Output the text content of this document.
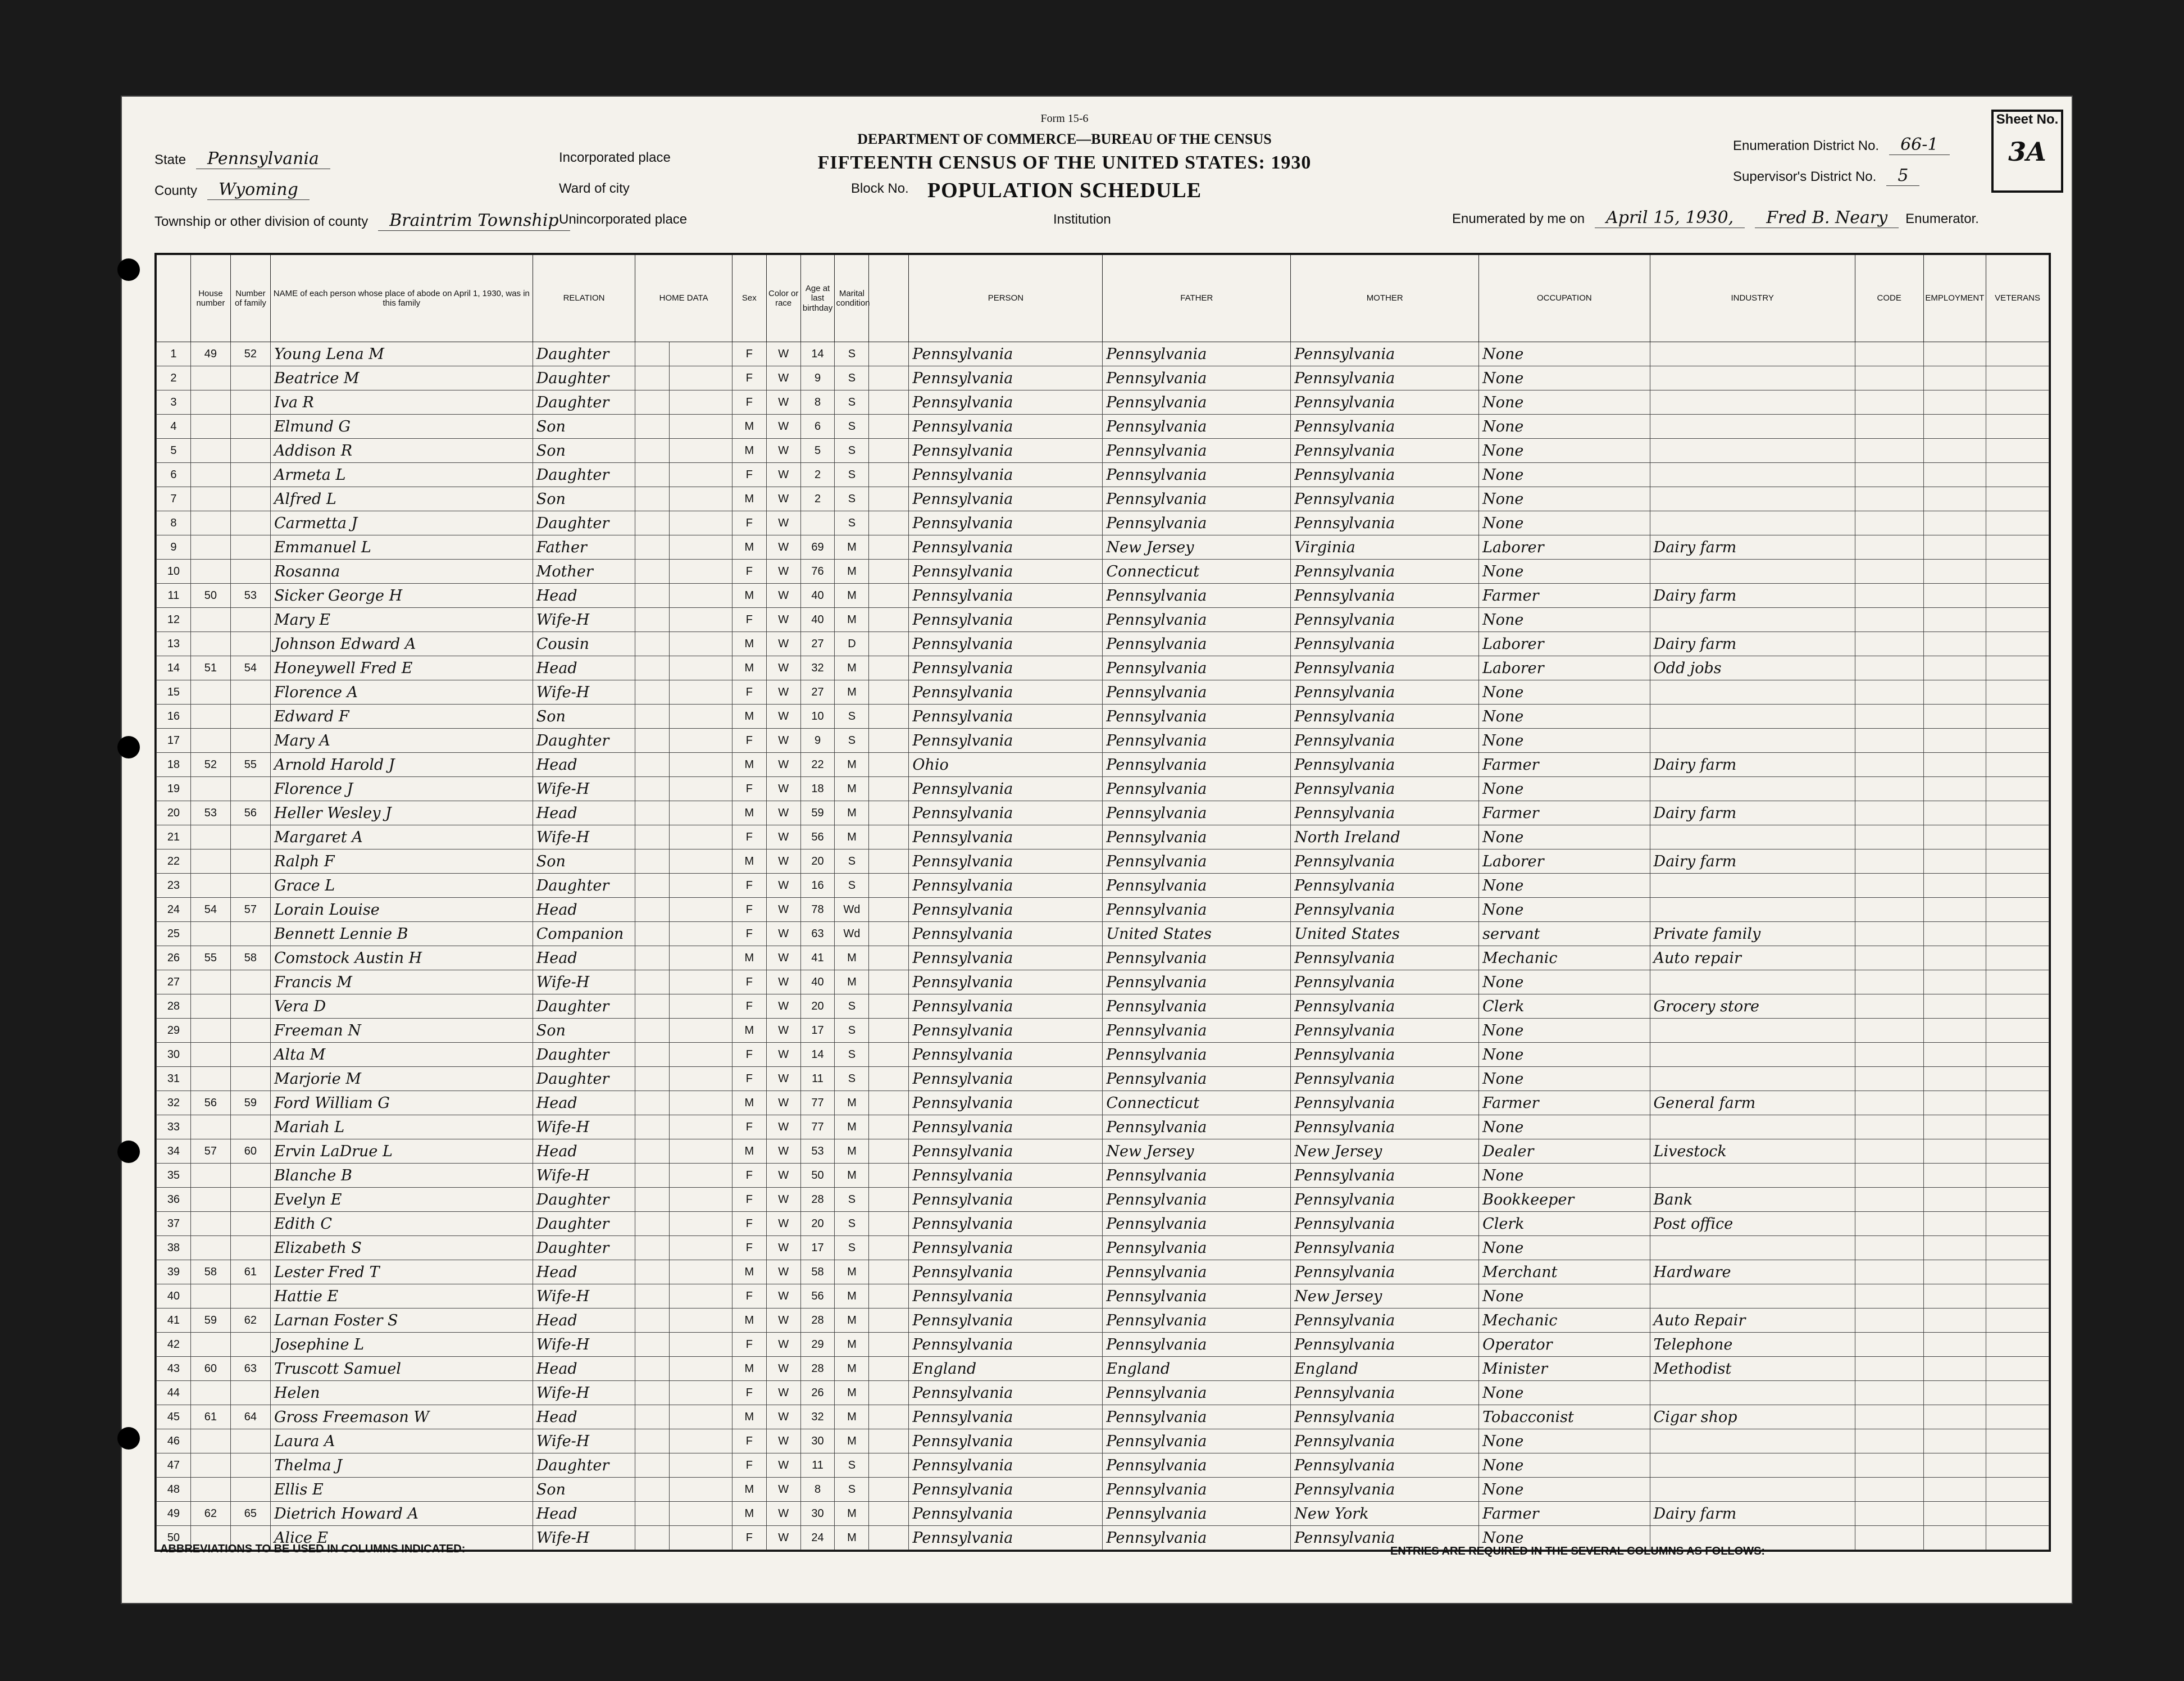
Form 15-6
DEPARTMENT OF COMMERCE—BUREAU OF THE CENSUS
FIFTEENTH CENSUS OF THE UNITED STATES: 1930
POPULATION SCHEDULE
State Pennsylvania
County Wyoming
Township or other division of county Braintrim Township
Incorporated place
Ward of city	Block No.
Unincorporated place	Institution
Enumeration District No. 66-1
Supervisor's District No. 5
Enumerated by me on April 15, 1930, Fred B. Neary Enumerator.
Sheet No.
3A
	House number	Number of family	NAME of each person whose place of abode on April 1, 1930, was in this family	RELATION	HOME DATA		Sex	Color or race	Age at last birthday	Marital condition		PERSON	FATHER	MOTHER	OCCUPATION	INDUSTRY	CODE	EMPLOYMENT	VETERANS
1	49	52	Young Lena M	Daughter			F	W	14	S		Pennsylvania	Pennsylvania	Pennsylvania	None				
2			Beatrice M	Daughter			F	W	9	S		Pennsylvania	Pennsylvania	Pennsylvania	None				
3			Iva R	Daughter			F	W	8	S		Pennsylvania	Pennsylvania	Pennsylvania	None				
4			Elmund G	Son			M	W	6	S		Pennsylvania	Pennsylvania	Pennsylvania	None				
5			Addison R	Son			M	W	5	S		Pennsylvania	Pennsylvania	Pennsylvania	None				
6			Armeta L	Daughter			F	W	2	S		Pennsylvania	Pennsylvania	Pennsylvania	None				
7			Alfred L	Son			M	W	2	S		Pennsylvania	Pennsylvania	Pennsylvania	None				
8			Carmetta J	Daughter			F	W		S		Pennsylvania	Pennsylvania	Pennsylvania	None				
9			Emmanuel L	Father			M	W	69	M		Pennsylvania	New Jersey	Virginia	Laborer	Dairy farm			
10			Rosanna	Mother			F	W	76	M		Pennsylvania	Connecticut	Pennsylvania	None				
11	50	53	Sicker George H	Head			M	W	40	M		Pennsylvania	Pennsylvania	Pennsylvania	Farmer	Dairy farm			
12			Mary E	Wife-H			F	W	40	M		Pennsylvania	Pennsylvania	Pennsylvania	None				
13			Johnson Edward A	Cousin			M	W	27	D		Pennsylvania	Pennsylvania	Pennsylvania	Laborer	Dairy farm			
14	51	54	Honeywell Fred E	Head			M	W	32	M		Pennsylvania	Pennsylvania	Pennsylvania	Laborer	Odd jobs			
15			Florence A	Wife-H			F	W	27	M		Pennsylvania	Pennsylvania	Pennsylvania	None				
16			Edward F	Son			M	W	10	S		Pennsylvania	Pennsylvania	Pennsylvania	None				
17			Mary A	Daughter			F	W	9	S		Pennsylvania	Pennsylvania	Pennsylvania	None				
18	52	55	Arnold Harold J	Head			M	W	22	M		Ohio	Pennsylvania	Pennsylvania	Farmer	Dairy farm			
19			Florence J	Wife-H			F	W	18	M		Pennsylvania	Pennsylvania	Pennsylvania	None				
20	53	56	Heller Wesley J	Head			M	W	59	M		Pennsylvania	Pennsylvania	Pennsylvania	Farmer	Dairy farm			
21			Margaret A	Wife-H			F	W	56	M		Pennsylvania	Pennsylvania	North Ireland	None				
22			Ralph F	Son			M	W	20	S		Pennsylvania	Pennsylvania	Pennsylvania	Laborer	Dairy farm			
23			Grace L	Daughter			F	W	16	S		Pennsylvania	Pennsylvania	Pennsylvania	None				
24	54	57	Lorain Louise	Head			F	W	78	Wd		Pennsylvania	Pennsylvania	Pennsylvania	None				
25			Bennett Lennie B	Companion			F	W	63	Wd		Pennsylvania	United States	United States	servant	Private family			
26	55	58	Comstock Austin H	Head			M	W	41	M		Pennsylvania	Pennsylvania	Pennsylvania	Mechanic	Auto repair			
27			Francis M	Wife-H			F	W	40	M		Pennsylvania	Pennsylvania	Pennsylvania	None				
28			Vera D	Daughter			F	W	20	S		Pennsylvania	Pennsylvania	Pennsylvania	Clerk	Grocery store			
29			Freeman N	Son			M	W	17	S		Pennsylvania	Pennsylvania	Pennsylvania	None				
30			Alta M	Daughter			F	W	14	S		Pennsylvania	Pennsylvania	Pennsylvania	None				
31			Marjorie M	Daughter			F	W	11	S		Pennsylvania	Pennsylvania	Pennsylvania	None				
32	56	59	Ford William G	Head			M	W	77	M		Pennsylvania	Connecticut	Pennsylvania	Farmer	General farm			
33			Mariah L	Wife-H			F	W	77	M		Pennsylvania	Pennsylvania	Pennsylvania	None				
34	57	60	Ervin LaDrue L	Head			M	W	53	M		Pennsylvania	New Jersey	New Jersey	Dealer	Livestock			
35			Blanche B	Wife-H			F	W	50	M		Pennsylvania	Pennsylvania	Pennsylvania	None				
36			Evelyn E	Daughter			F	W	28	S		Pennsylvania	Pennsylvania	Pennsylvania	Bookkeeper	Bank			
37			Edith C	Daughter			F	W	20	S		Pennsylvania	Pennsylvania	Pennsylvania	Clerk	Post office			
38			Elizabeth S	Daughter			F	W	17	S		Pennsylvania	Pennsylvania	Pennsylvania	None				
39	58	61	Lester Fred T	Head			M	W	58	M		Pennsylvania	Pennsylvania	Pennsylvania	Merchant	Hardware			
40			Hattie E	Wife-H			F	W	56	M		Pennsylvania	Pennsylvania	New Jersey	None				
41	59	62	Larnan Foster S	Head			M	W	28	M		Pennsylvania	Pennsylvania	Pennsylvania	Mechanic	Auto Repair			
42			Josephine L	Wife-H			F	W	29	M		Pennsylvania	Pennsylvania	Pennsylvania	Operator	Telephone			
43	60	63	Truscott Samuel	Head			M	W	28	M		England	England	England	Minister	Methodist			
44			Helen	Wife-H			F	W	26	M		Pennsylvania	Pennsylvania	Pennsylvania	None				
45	61	64	Gross Freemason W	Head			M	W	32	M		Pennsylvania	Pennsylvania	Pennsylvania	Tobacconist	Cigar shop			
46			Laura A	Wife-H			F	W	30	M		Pennsylvania	Pennsylvania	Pennsylvania	None				
47			Thelma J	Daughter			F	W	11	S		Pennsylvania	Pennsylvania	Pennsylvania	None				
48			Ellis E	Son			M	W	8	S		Pennsylvania	Pennsylvania	Pennsylvania	None				
49	62	65	Dietrich Howard A	Head			M	W	30	M		Pennsylvania	Pennsylvania	New York	Farmer	Dairy farm			
50			Alice E	Wife-H			F	W	24	M		Pennsylvania	Pennsylvania	Pennsylvania	None				
ABBREVIATIONS TO BE USED IN COLUMNS INDICATED:	ENTRIES ARE REQUIRED IN THE SEVERAL COLUMNS AS FOLLOWS:
